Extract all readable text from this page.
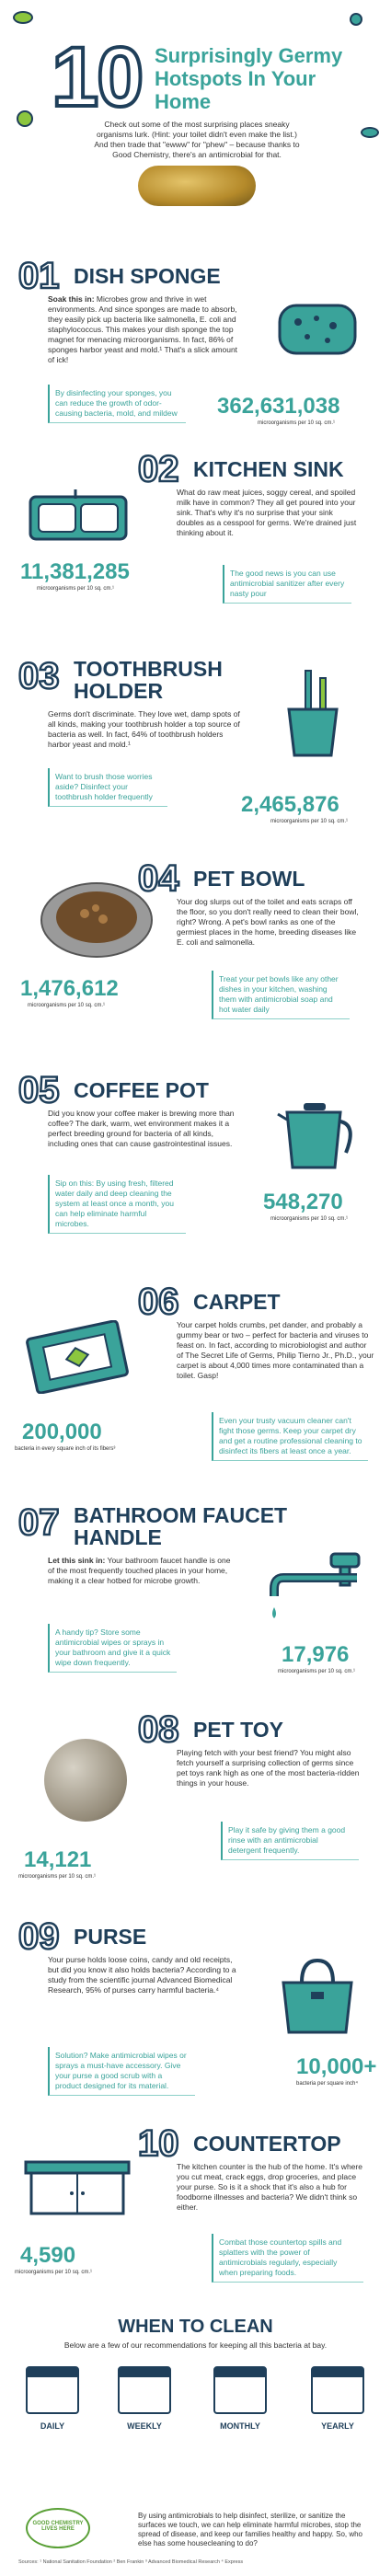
10 Surprisingly Germy Hotspots In Your Home
Check out some of the most surprising places sneaky organisms lurk. (Hint: your toilet didn't even make the list.) And then trade that "ewww" for "phew" – because thanks to Good Chemistry, there's an antimicrobial for that.
01 DISH SPONGE
Soak this in: Microbes grow and thrive in wet environments. And since sponges are made to absorb, they easily pick up bacteria like salmonella, E. coli and staphylococcus. This makes your dish sponge the top magnet for menacing microorganisms. In fact, 86% of sponges harbor yeast and mold.¹ That's a slick amount of ick!
By disinfecting your sponges, you can reduce the growth of odor-causing bacteria, mold, and mildew	362,631,038
microorganisms per 10 sq. cm.¹
02 KITCHEN SINK
What do raw meat juices, soggy cereal, and spoiled milk have in common? They all get poured into your sink. That's why it's no surprise that your sink doubles as a cesspool for germs. We're drained just thinking about it.
11,381,285
microorganisms per 10 sq. cm.¹
The good news is you can use antimicrobial sanitizer after every nasty pour
03 TOOTHBRUSH HOLDER
Germs don't discriminate. They love wet, damp spots of all kinds, making your toothbrush holder a top source of bacteria as well. In fact, 64% of toothbrush holders harbor yeast and mold.¹
Want to brush those worries aside? Disinfect your toothbrush holder frequently	2,465,876
microorganisms per 10 sq. cm.¹
04 PET BOWL
Your dog slurps out of the toilet and eats scraps off the floor, so you don't really need to clean their bowl, right? Wrong. A pet's bowl ranks as one of the germiest places in the home, breeding diseases like E. coli and salmonella.
1,476,612
microorganisms per 10 sq. cm.¹
Treat your pet bowls like any other dishes in your kitchen, washing them with antimicrobial soap and hot water daily
05 COFFEE POT
Did you know your coffee maker is brewing more than coffee? The dark, warm, wet environment makes it a perfect breeding ground for bacteria of all kinds, including ones that can cause gastrointestinal issues.
Sip on this: By using fresh, filtered water daily and deep cleaning the system at least once a month, you can help eliminate harmful microbes.
548,270
microorganisms per 10 sq. cm.¹
06 CARPET
Your carpet holds crumbs, pet dander, and probably a gummy bear or two – perfect for bacteria and viruses to feast on. In fact, according to microbiologist and author of The Secret Life of Germs, Philip Tierno Jr., Ph.D., your carpet is about 4,000 times more contaminated than a toilet. Gasp!
200,000
bacteria in every square inch of its fibers³
Even your trusty vacuum cleaner can't fight those germs. Keep your carpet dry and get a routine professional cleaning to disinfect its fibers at least once a year.
07 BATHROOM FAUCET HANDLE
Let this sink in: Your bathroom faucet handle is one of the most frequently touched places in your home, making it a clear hotbed for microbe growth.
A handy tip? Store some antimicrobial wipes or sprays in your bathroom and give it a quick wipe down frequently.	17,976
microorganisms per 10 sq. cm.¹
08 PET TOY
Playing fetch with your best friend? You might also fetch yourself a surprising collection of germs since pet toys rank high as one of the most bacteria-ridden things in your house.
14,121
microorganisms per 10 sq. cm.¹
Play it safe by giving them a good rinse with an antimicrobial detergent frequently.
09 PURSE
Your purse holds loose coins, candy and old receipts, but did you know it also holds bacteria? According to a study from the scientific journal Advanced Biomedical Research, 95% of purses carry harmful bacteria.⁴
Solution? Make antimicrobial wipes or sprays a must-have accessory. Give your purse a good scrub with a product designed for its material.
10,000+
bacteria per square inch⁴
10 COUNTERTOP
The kitchen counter is the hub of the home. It's where you cut meat, crack eggs, drop groceries, and place your purse. So is it a shock that it's also a hub for foodborne illnesses and bacteria? We didn't think so either.
4,590
microorganisms per 10 sq. cm.¹
Combat those countertop spills and splatters with the power of antimicrobials regularly, especially when preparing foods.
WHEN TO CLEAN
Below are a few of our recommendations for keeping all this bacteria at bay.
DAILY	WEEKLY	MONTHLY	YEARLY
GOOD CHEMISTRY LIVES HERE
By using antimicrobials to help disinfect, sterilize, or sanitize the surfaces we touch, we can help eliminate harmful microbes, stop the spread of disease, and keep our families healthy and happy. So, who else has some housecleaning to do?
Sources: ¹ National Sanitation Foundation ² Ben Frankin ³ Advanced Biomedical Research ⁴ Express
